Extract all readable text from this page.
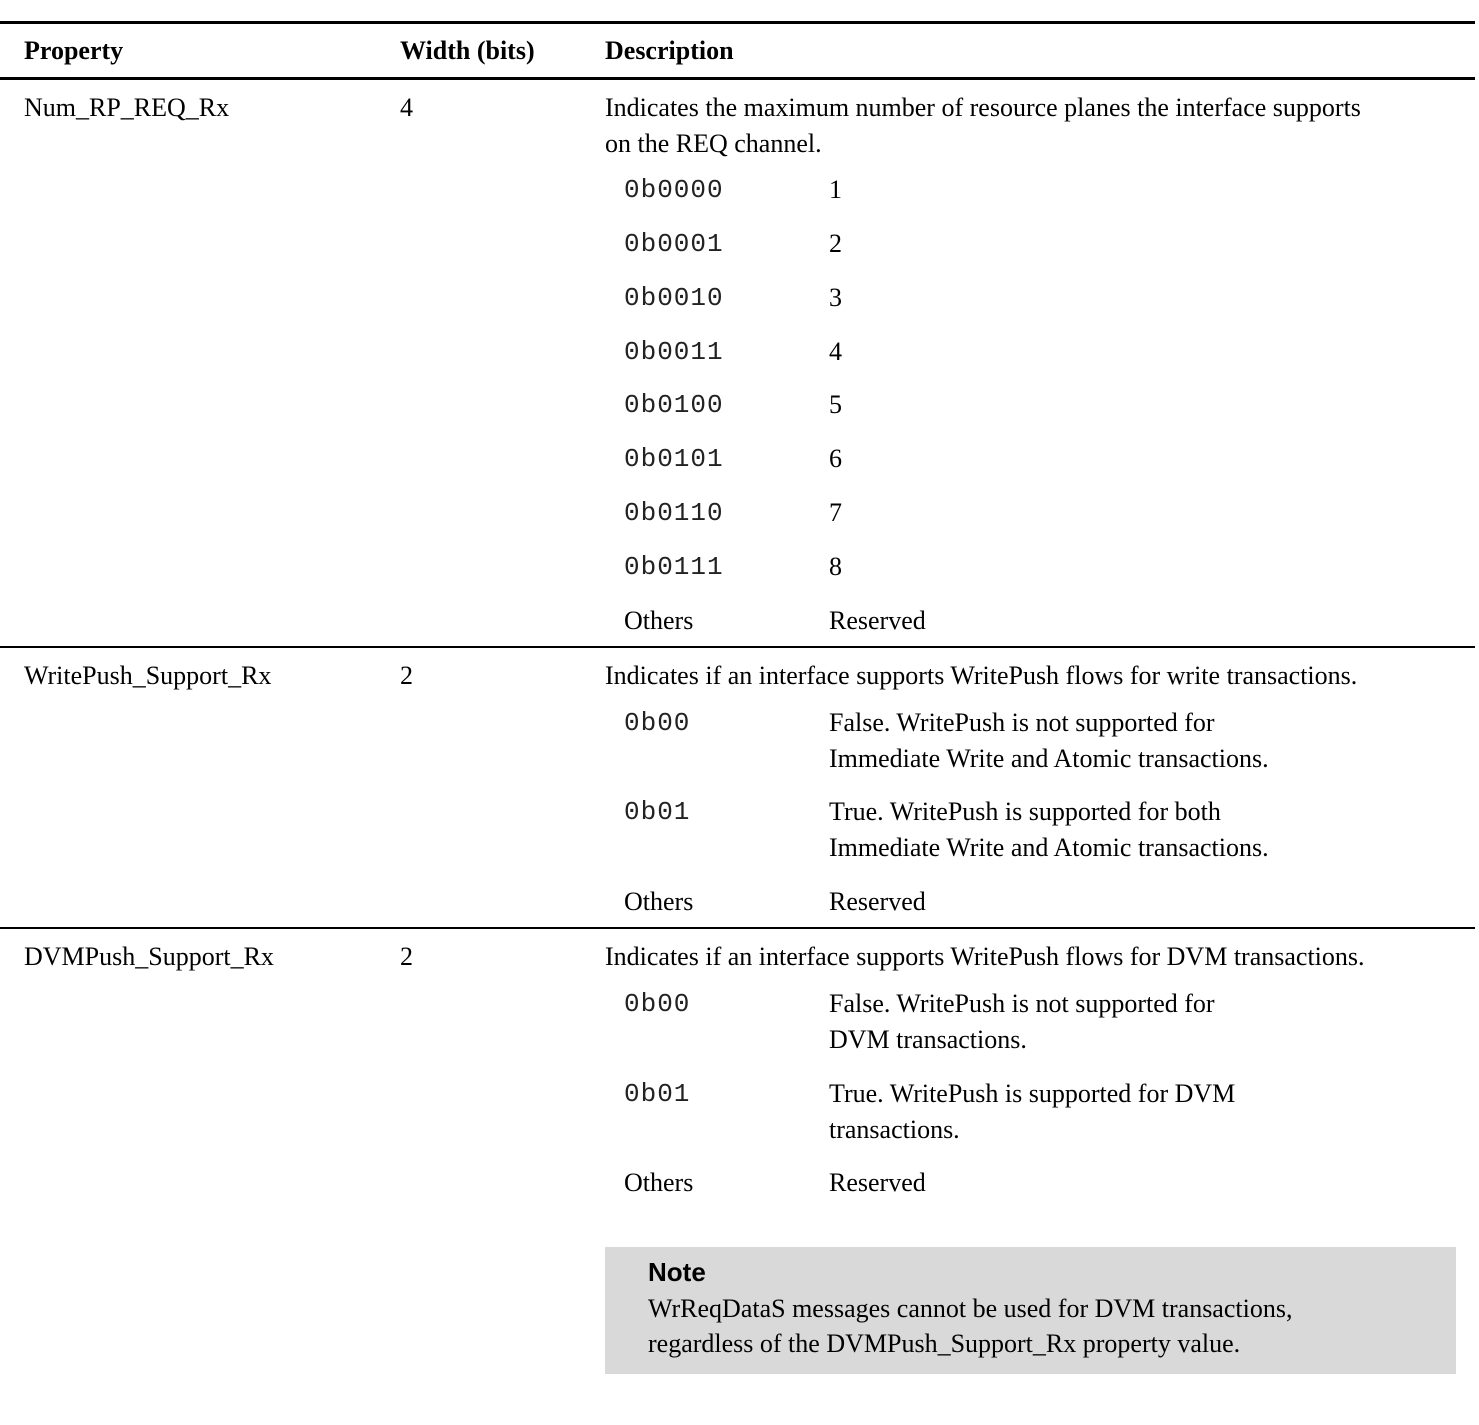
Property	Width (bits)	Description
Num_RP_REQ_Rx	4	Indicates the maximum number of resource planes the interface supports
on the REQ channel.
0b0000	1
0b0001	2
0b0010	3
0b0011	4
0b0100	5
0b0101	6
0b0110	7
0b0111	8
Others	Reserved
WritePush_Support_Rx	2	Indicates if an interface supports WritePush flows for write transactions.
0b00	False. WritePush is not supported for
Immediate Write and Atomic transactions.
0b01	True. WritePush is supported for both
Immediate Write and Atomic transactions.
Others	Reserved
DVMPush_Support_Rx	2	Indicates if an interface supports WritePush flows for DVM transactions.
0b00	False. WritePush is not supported for
DVM transactions.
0b01	True. WritePush is supported for DVM
transactions.
Others	Reserved
Note
WrReqDataS messages cannot be used for DVM transactions,
regardless of the DVMPush_Support_Rx property value.
